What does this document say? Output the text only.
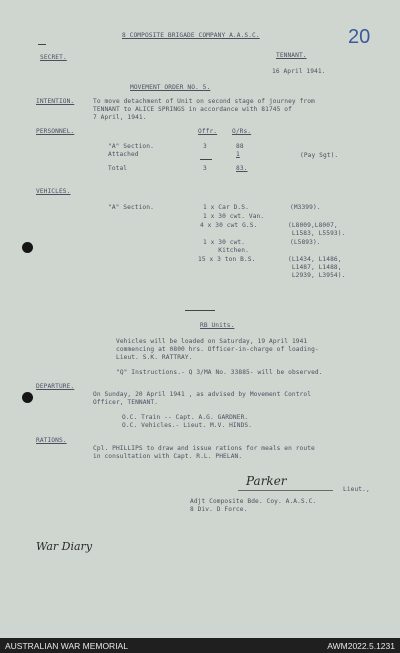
20
8 COMPOSITE BRIGADE COMPANY A.A.S.C.
SECRET.	TENNANT.
16 April 1941.
MOVEMENT ORDER NO. 5.
INTENTION.	To move detachment of Unit on second stage of journey from
TENNANT to ALICE SPRINGS in accordance with 81745 of
7 April, 1941.
PERSONNEL.	Offr. O/Rs.
"A" Section.	3	88
Attached	1	(Pay Sgt).
Total	3	83.
VEHICLES.
"A" Section.	1 x Car D.S.	(M3399).
1 x 30 cwt. Van.
4 x 30 cwt G.S.	(L8009,L8007,
L1583, L5593).
1 x 30 cwt.	(L5893).
Kitchen.
15 x 3 ton B.S.	(L1434, L1486,
L1487, L1488,
L2939, L3954).
RB Units.
Vehicles will be loaded on Saturday, 19 April 1941
commencing at 0800 hrs. Officer-in-charge of loading-
Lieut. S.K. RATTRAY.
"Q" Instructions.- Q 3/MA No. 33885- will be observed.
DEPARTURE.
On Sunday, 20 April 1941 , as advised by Movement Control
Officer, TENNANT.
O.C. Train -- Capt. A.G. GARDNER.
O.C. Vehicles.- Lieut. M.V. HINDS.
RATIONS.
Cpl. PHILLIPS to draw and issue rations for meals en route
in consultation with Capt. R.L. PHELAN.
Parker
Lieut.,
Adjt Composite Bde. Coy. A.A.S.C.
8 Div. D Force.
War Diary
AUSTRALIAN WAR MEMORIAL	AWM2022.5.1231
